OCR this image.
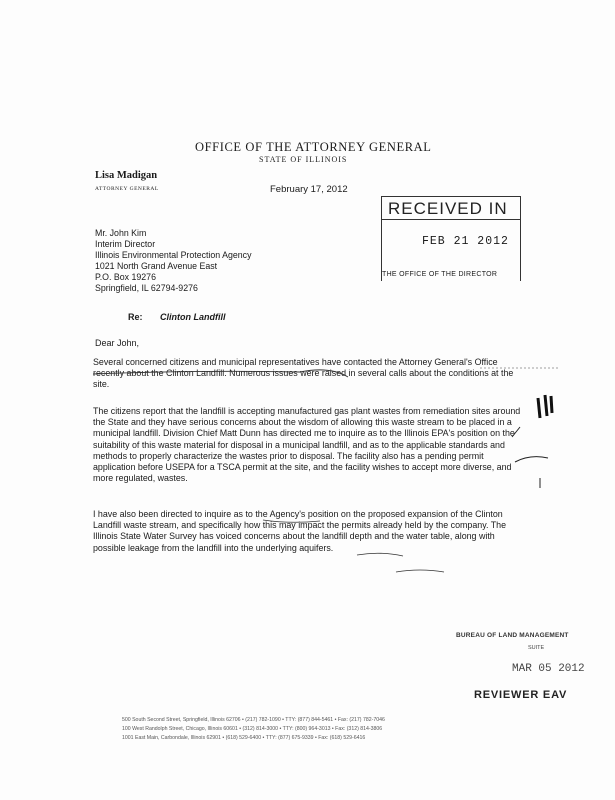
OFFICE OF THE ATTORNEY GENERAL
STATE OF ILLINOIS
Lisa Madigan
ATTORNEY GENERAL	February 17, 2012
RECEIVED IN
FEB 21 2012
THE OFFICE OF THE DIRECTOR
Mr. John Kim
Interim Director
Illinois Environmental Protection Agency
1021 North Grand Avenue East
P.O. Box 19276
Springfield, IL 62794-9276
Re: Clinton Landfill
Dear John,
Several concerned citizens and municipal representatives have contacted the Attorney General's Office recently about the Clinton Landfill. Numerous issues were raised in several calls about the conditions at the site.
The citizens report that the landfill is accepting manufactured gas plant wastes from remediation sites around the State and they have serious concerns about the wisdom of allowing this waste stream to be placed in a municipal landfill. Division Chief Matt Dunn has directed me to inquire as to the Illinois EPA's position on the suitability of this waste material for disposal in a municipal landfill, and as to the applicable standards and methods to properly characterize the wastes prior to disposal. The facility also has a pending permit application before USEPA for a TSCA permit at the site, and the facility wishes to accept more diverse, and more regulated, wastes.
I have also been directed to inquire as to the Agency's position on the proposed expansion of the Clinton Landfill waste stream, and specifically how this may impact the permits already held by the company. The Illinois State Water Survey has voiced concerns about the landfill depth and the water table, along with possible leakage from the landfill into the underlying aquifers.
BUREAU OF LAND MANAGEMENT
SUITE
MAR 05 2012
REVIEWER EAV
500 South Second Street, Springfield, Illinois 62706 • (217) 782-1090 • TTY: (877) 844-5461 • Fax: (217) 782-7046
100 West Randolph Street, Chicago, Illinois 60601 • (312) 814-3000 • TTY: (800) 964-3013 • Fax: (312) 814-3806
1001 East Main, Carbondale, Illinois 62901 • (618) 529-6400 • TTY: (877) 675-9339 • Fax: (618) 529-6416
